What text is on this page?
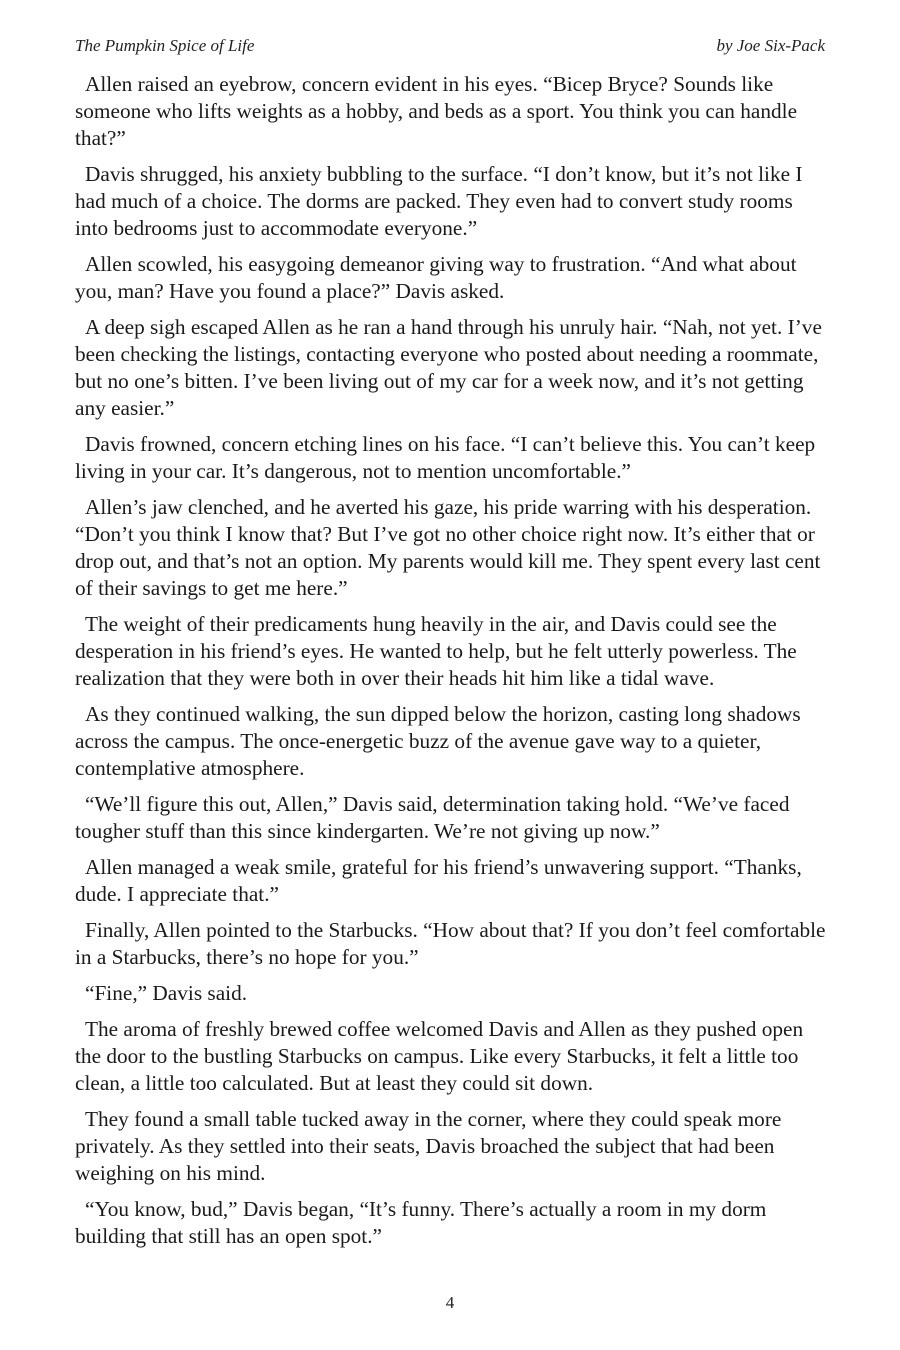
The Pumpkin Spice of Life	by Joe Six-Pack

Allen raised an eyebrow, concern evident in his eyes. “Bicep Bryce? Sounds like someone who lifts weights as a hobby, and beds as a sport. You think you can handle that?”

Davis shrugged, his anxiety bubbling to the surface. “I don’t know, but it’s not like I had much of a choice. The dorms are packed. They even had to convert study rooms into bedrooms just to accommodate everyone.”

Allen scowled, his easygoing demeanor giving way to frustration. “And what about you, man? Have you found a place?” Davis asked.

A deep sigh escaped Allen as he ran a hand through his unruly hair. “Nah, not yet. I’ve been checking the listings, contacting everyone who posted about needing a roommate, but no one’s bitten. I’ve been living out of my car for a week now, and it’s not getting any easier.”

Davis frowned, concern etching lines on his face. “I can’t believe this. You can’t keep living in your car. It’s dangerous, not to mention uncomfortable.”

Allen’s jaw clenched, and he averted his gaze, his pride warring with his desperation. “Don’t you think I know that? But I’ve got no other choice right now. It’s either that or drop out, and that’s not an option. My parents would kill me. They spent every last cent of their savings to get me here.”

The weight of their predicaments hung heavily in the air, and Davis could see the desperation in his friend’s eyes. He wanted to help, but he felt utterly powerless. The realization that they were both in over their heads hit him like a tidal wave.

As they continued walking, the sun dipped below the horizon, casting long shadows across the campus. The once-energetic buzz of the avenue gave way to a quieter, contemplative atmosphere.

“We’ll figure this out, Allen,” Davis said, determination taking hold. “We’ve faced tougher stuff than this since kindergarten. We’re not giving up now.”

Allen managed a weak smile, grateful for his friend’s unwavering support. “Thanks, dude. I appreciate that.”

Finally, Allen pointed to the Starbucks. “How about that? If you don’t feel comfortable in a Starbucks, there’s no hope for you.”

“Fine,” Davis said.

The aroma of freshly brewed coffee welcomed Davis and Allen as they pushed open the door to the bustling Starbucks on campus. Like every Starbucks, it felt a little too clean, a little too calculated. But at least they could sit down.

They found a small table tucked away in the corner, where they could speak more privately. As they settled into their seats, Davis broached the subject that had been weighing on his mind.

“You know, bud,” Davis began, “It’s funny. There’s actually a room in my dorm building that still has an open spot.”

4
